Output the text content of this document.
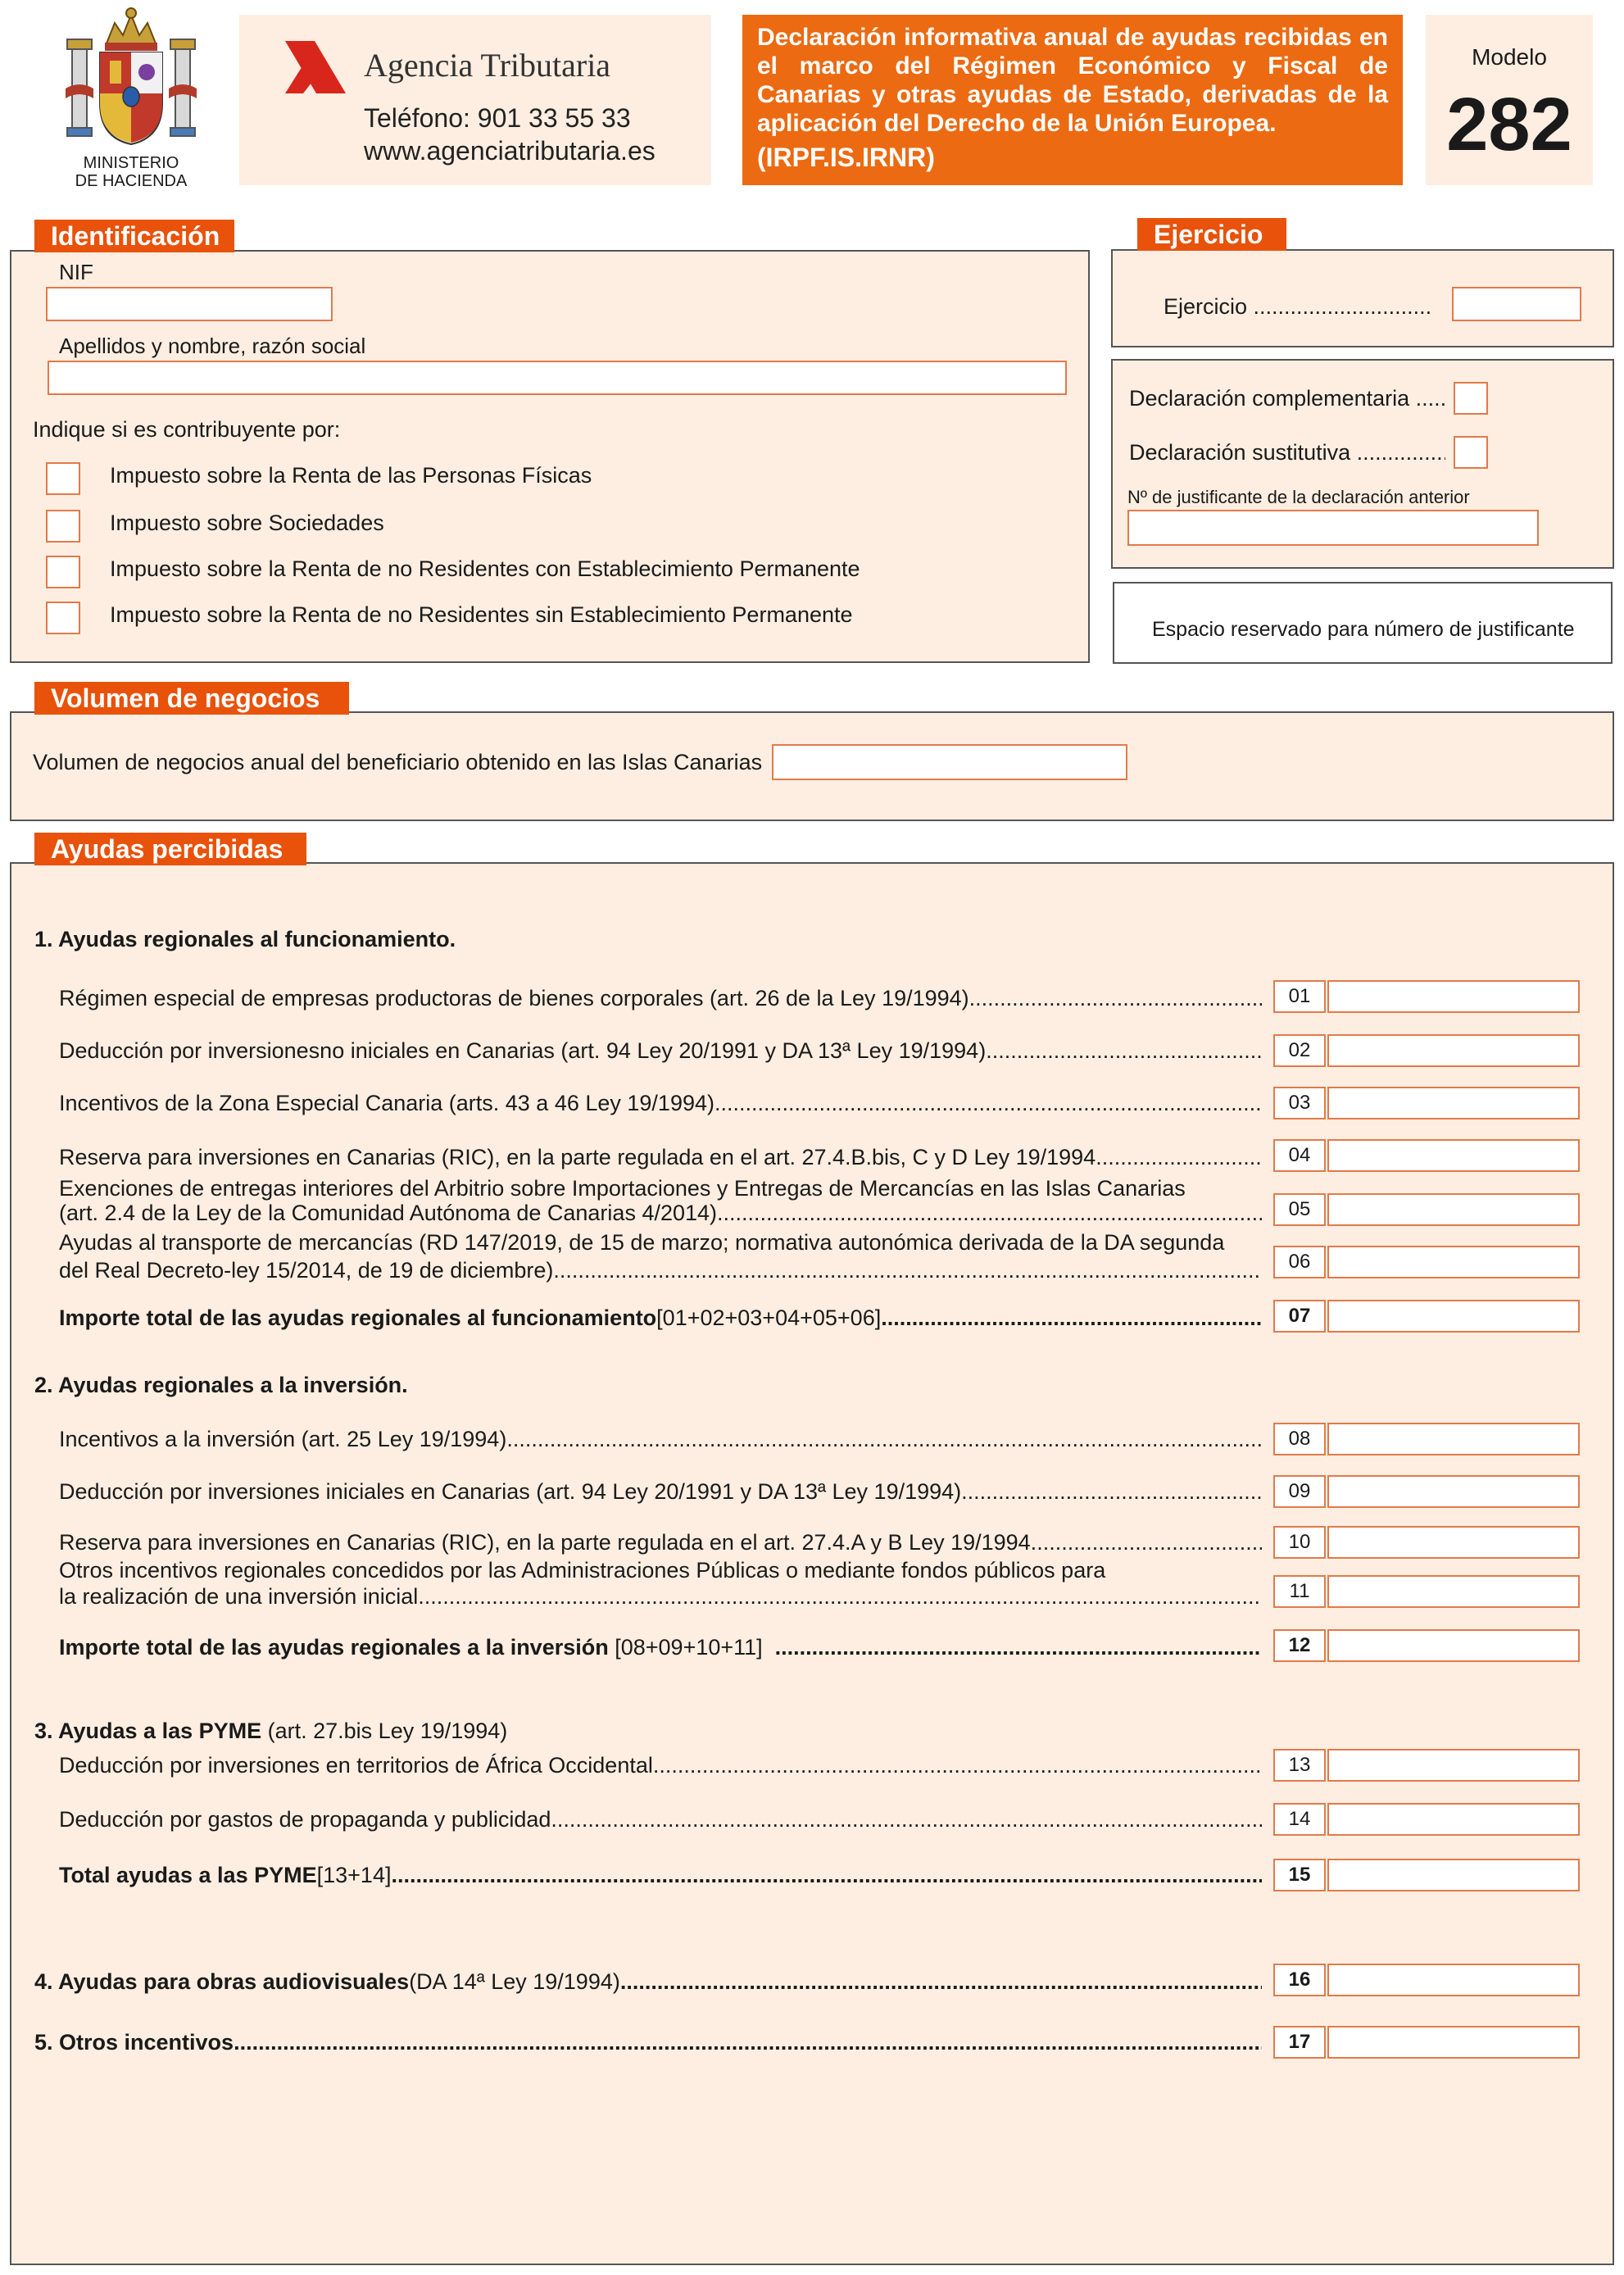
MINISTERIO
DE HACIENDA
Agencia Tributaria
Teléfono: 901 33 55 33
www.agenciatributaria.es
Declaración informativa anual de ayudas recibidas en el marco del Régimen Económico y Fiscal de Canarias y otras ayudas de Estado, derivadas de la aplicación del Derecho de la Unión Europea.
(IRPF.IS.IRNR)
Modelo
282
Identificación
NIF
Apellidos y nombre, razón social
Indique si es contribuyente por:
Impuesto sobre la Renta de las Personas Físicas
Impuesto sobre Sociedades
Impuesto sobre la Renta de no Residentes con Establecimiento Permanente
Impuesto sobre la Renta de no Residentes sin Establecimiento Permanente
Ejercicio
Ejercicio

.....
Declaración complementaria

.....
Declaración sustitutiva

.....
Nº de justificante de la declaración anterior
Espacio reservado para número de justificante
Volumen de negocios
Volumen de negocios anual del beneficiario obtenido en las Islas Canarias
Ayudas percibidas
1. Ayudas regionales al funcionamiento.
Régimen especial de empresas productoras de bienes corporales (art. 26 de la Ley 19/1994) .....	01
Deducción por inversionesno iniciales en Canarias (art. 94 Ley 20/1991 y DA 13ª Ley 19/1994) .....	02
Incentivos de la Zona Especial Canaria (arts. 43 a 46 Ley 19/1994) .....	03
Reserva para inversiones en Canarias (RIC), en la parte regulada en el art. 27.4.B.bis, C y D Ley 19/1994 .....	04
Exenciones de entregas interiores del Arbitrio sobre Importaciones y Entregas de Mercancías en las Islas Canarias
(art. 2.4 de la Ley de la Comunidad Autónoma de Canarias 4/2014) .....	05
Ayudas al transporte de mercancías (RD 147/2019, de 15 de marzo; normativa autonómica derivada de la DA segunda
del Real Decreto-ley 15/2014, de 19 de diciembre) .....	06
Importe total de las ayudas regionales al funcionamiento [01+02+03+04+05+06] .....	07
2. Ayudas regionales a la inversión.
Incentivos a la inversión (art. 25 Ley 19/1994) .....	08
Deducción por inversiones iniciales en Canarias (art. 94 Ley 20/1991 y DA 13ª Ley 19/1994) .....	09
Reserva para inversiones en Canarias (RIC), en la parte regulada en el art. 27.4.A y B Ley 19/1994. .....	10
Otros incentivos regionales concedidos por las Administraciones Públicas o mediante fondos públicos para
la realización de una inversión inicial .....	11
Importe total de las ayudas regionales a la inversión [08+09+10+11] .....	12
3. Ayudas a las PYME (art. 27.bis Ley 19/1994)
Deducción por inversiones en territorios de África Occidental .....	13
Deducción por gastos de propaganda y publicidad .....	14
Total ayudas a las PYME [13+14] .....	15
4. Ayudas para obras audiovisuales (DA 14ª Ley 19/1994) .....	16
5. Otros incentivos .....	17
